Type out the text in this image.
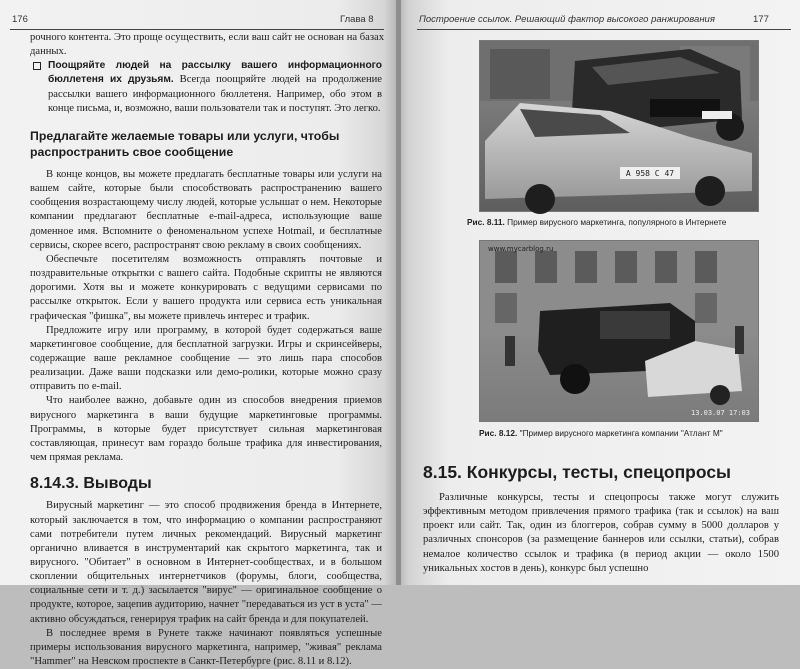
176	Глава 8

рочного контента. Это проще осуществить, если ваш сайт не основан на базах

данных.

Поощряйте людей на рассылку вашего информационного бюллетеня их друзьям. Всегда поощряйте людей на продолжение рассылки вашего информационного бюллетеня. Например, обо этом в конце письма, и, возможно, ваши пользователи так и поступят. Это легко.

Предлагайте желаемые товары или услуги, чтобы распространить свое сообщение

В конце концов, вы можете предлагать бесплатные товары или услуги на вашем сайте, которые были способствовать распространению вашего сообщения возрастающему числу людей, которые услышат о нем. Некоторые компании предлагают бесплатные e-mail-адреса, использующие ваше доменное имя. Вспомните о феноменальном успехе Hotmail, и бесплатные сервисы, скорее всего, распространят свою рекламу в своих сообщениях.

Обеспечьте посетителям возможность отправлять почтовые и поздравительные открытки с вашего сайта. Подобные скрипты не являются дорогими. Хотя вы и можете конкурировать с ведущими сервисами по рассылке открыток. Если у вашего продукта или сервиса есть уникальная графическая "фишка", вы можете привлечь интерес и трафик.

Предложите игру или программу, в которой будет содержаться ваше маркетинговое сообщение, для бесплатной загрузки. Игры и скринсейверы, содержащие ваше рекламное сообщение — это лишь пара способов реализации. Даже ваши подсказки или демо-ролики, которые можно сразу отправить по e-mail.

Что наиболее важно, добавьте один из способов внедрения приемов вирусного маркетинга в ваши будущие маркетинговые программы. Программы, в которые будет присутствует сильная маркетинговая составляющая, принесут вам гораздо больше трафика для инвестирования, чем прямая реклама.

8.14.3. Выводы

Вирусный маркетинг — это способ продвижения бренда в Интернете, который заключается в том, что информацию о компании распространяют сами потребители путем личных рекомендаций. Вирусный маркетинг органично вливается в инструментарий как скрытого маркетинга, так и вирусного. "Обитает" в основном в Интернет-сообществах, и в большом скоплении общительных интернетчиков (форумы, блоги, сообщества, социальные сети и т. д.) засылается "вирус" — оригинальное сообщение о продукте, которое, зацепив аудиторию, начнет "передаваться из уст в уста" — активно обсуждаться, генерируя трафик на сайт бренда и для покупателей.

В последнее время в Рунете также начинают появляться успешные примеры использования вирусного маркетинга, например, "живая" реклама "Hammer" на Невском проспекте в Санкт-Петербурге (рис. 8.11 и 8.12).

Построение ссылок. Решающий фактор высокого ранжирования	177
А 958 С 47
Рис. 8.11. Пример вирусного маркетинга, популярного в Интернете
www.mycarblog.ru
13.03.07 17:03
Рис. 8.12. "Пример вирусного маркетинга компании "Атлант М"
8.15. Конкурсы, тесты, спецопросы

Различные конкурсы, тесты и спецопросы также могут служить эффективным методом привлечения прямого трафика (так и ссылок) на ваш проект или сайт. Так, один из блоггеров, собрав сумму в 5000 долларов у различных спонсоров (за размещение баннеров или ссылки, статьи), собрав немалое количество ссылок и трафика (в период акции — около 1500 уникальных хостов в день), конкурс был успешно
